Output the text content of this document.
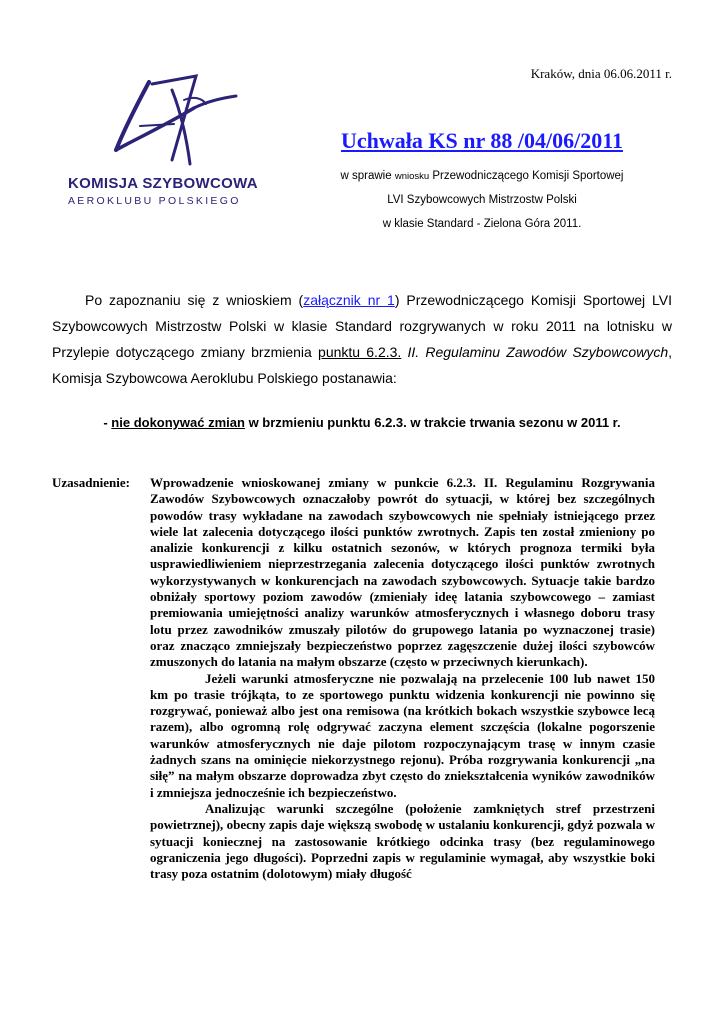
Kraków, dnia 06.06.2011 r.
KOMISJA SZYBOWCOWA
AEROKLUBU POLSKIEGO
Uchwała KS nr 88 /04/06/2011
w sprawie wniosku Przewodniczącego Komisji Sportowej
LVI Szybowcowych Mistrzostw Polski
w klasie Standard - Zielona Góra 2011.
Po zapoznaniu się z wnioskiem (załącznik nr 1) Przewodniczącego Komisji Sportowej LVI Szybowcowych Mistrzostw Polski w klasie Standard rozgrywanych w roku 2011 na lotnisku w Przylepie dotyczącego zmiany brzmienia punktu 6.2.3. II. Regulaminu Zawodów Szybowcowych, Komisja Szybowcowa Aeroklubu Polskiego postanawia:
- nie dokonywać zmian w brzmieniu punktu 6.2.3. w trakcie trwania sezonu w 2011 r.
Uzasadnienie: Wprowadzenie wnioskowanej zmiany w punkcie 6.2.3. II. Regulaminu Rozgrywania Zawodów Szybowcowych oznaczałoby powrót do sytuacji, w której bez szczególnych powodów trasy wykładane na zawodach szybowcowych nie spełniały istniejącego przez wiele lat zalecenia dotyczącego ilości punktów zwrotnych. Zapis ten został zmieniony po analizie konkurencji z kilku ostatnich sezonów, w których prognoza termiki była usprawiedliwieniem nieprzestrzegania zalecenia dotyczącego ilości punktów zwrotnych wykorzystywanych w konkurencjach na zawodach szybowcowych. Sytuacje takie bardzo obniżały sportowy poziom zawodów (zmieniały ideę latania szybowcowego – zamiast premiowania umiejętności analizy warunków atmosferycznych i własnego doboru trasy lotu przez zawodników zmuszały pilotów do grupowego latania po wyznaczonej trasie) oraz znacząco zmniejszały bezpieczeństwo poprzez zagęszczenie dużej ilości szybowców zmuszonych do latania na małym obszarze (często w przeciwnych kierunkach).

Jeżeli warunki atmosferyczne nie pozwalają na przelecenie 100 lub nawet 150 km po trasie trójkąta, to ze sportowego punktu widzenia konkurencji nie powinno się rozgrywać, ponieważ albo jest ona remisowa (na krótkich bokach wszystkie szybowce lecą razem), albo ogromną rolę odgrywać zaczyna element szczęścia (lokalne pogorszenie warunków atmosferycznych nie daje pilotom rozpoczynającym trasę w innym czasie żadnych szans na ominięcie niekorzystnego rejonu). Próba rozgrywania konkurencji „na siłę” na małym obszarze doprowadza zbyt często do zniekształcenia wyników zawodników i zmniejsza jednocześnie ich bezpieczeństwo.

Analizując warunki szczególne (położenie zamkniętych stref przestrzeni powietrznej), obecny zapis daje większą swobodę w ustalaniu konkurencji, gdyż pozwala w sytuacji koniecznej na zastosowanie krótkiego odcinka trasy (bez regulaminowego ograniczenia jego długości). Poprzedni zapis w regulaminie wymagał, aby wszystkie boki trasy poza ostatnim (dolotowym) miały długość
